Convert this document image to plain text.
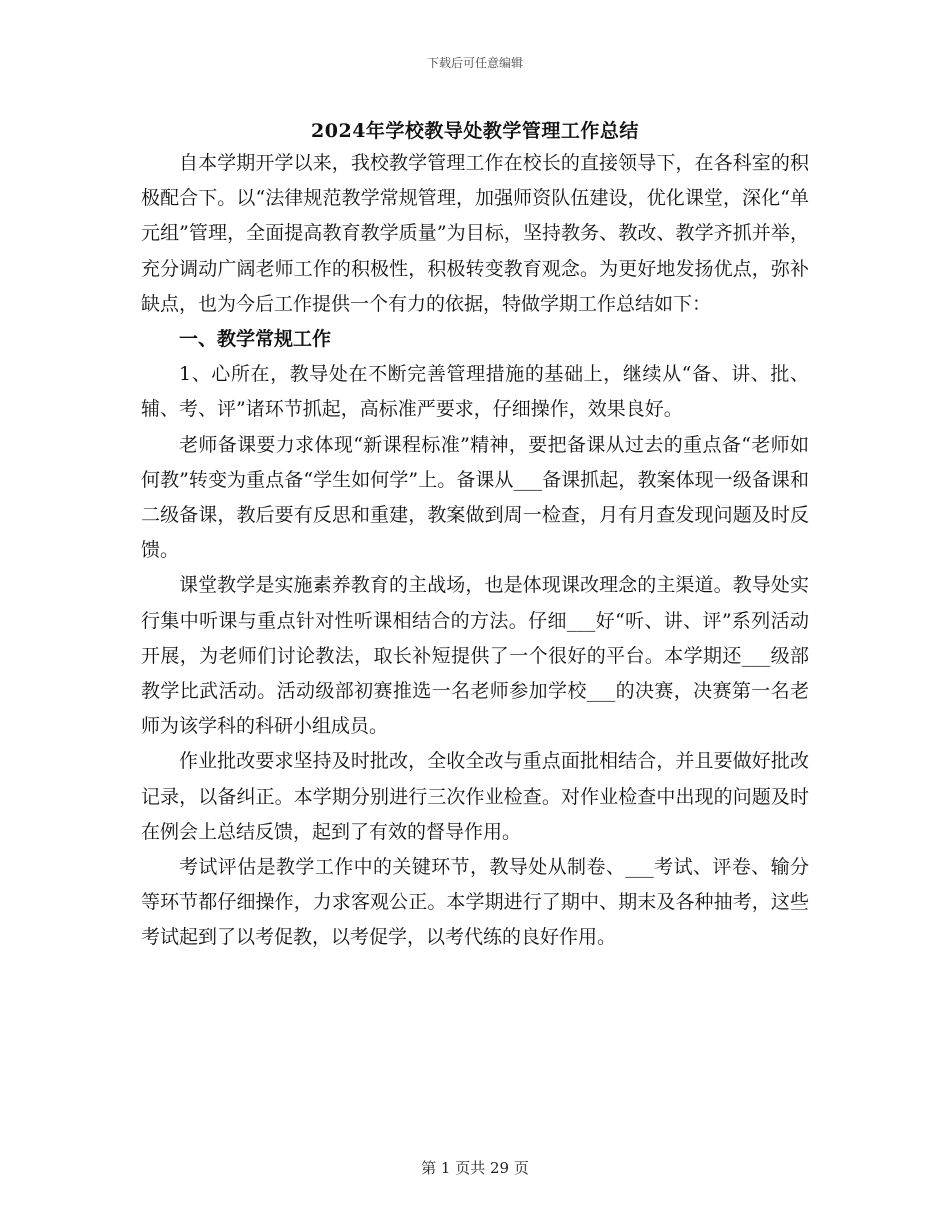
下载后可任意编辑
2024年学校教导处教学管理工作总结

自本学期开学以来，我校教学管理工作在校长的直接领导下，在各科室的积极配合下。以“法律规范教学常规管理，加强师资队伍建设，优化课堂，深化“单元组”管理，全面提高教育教学质量”为目标，坚持教务、教改、教学齐抓并举，充分调动广阔老师工作的积极性，积极转变教育观念。为更好地发扬优点，弥补缺点，也为今后工作提供一个有力的依据，特做学期工作总结如下：

一、教学常规工作

1、心所在，教导处在不断完善管理措施的基础上，继续从“备、讲、批、辅、考、评”诸环节抓起，高标准严要求，仔细操作，效果良好。

老师备课要力求体现“新课程标准”精神，要把备课从过去的重点备“老师如何教”转变为重点备“学生如何学”上。备课从___备课抓起，教案体现一级备课和二级备课，教后要有反思和重建，教案做到周一检查，月有月查发现问题及时反馈。

课堂教学是实施素养教育的主战场，也是体现课改理念的主渠道。教导处实行集中听课与重点针对性听课相结合的方法。仔细___好“听、讲、评”系列活动开展，为老师们讨论教法，取长补短提供了一个很好的平台。本学期还___级部教学比武活动。活动级部初赛推选一名老师参加学校___的决赛，决赛第一名老师为该学科的科研小组成员。

作业批改要求坚持及时批改，全收全改与重点面批相结合，并且要做好批改记录，以备纠正。本学期分别进行三次作业检查。对作业检查中出现的问题及时在例会上总结反馈，起到了有效的督导作用。

考试评估是教学工作中的关键环节，教导处从制卷、___考试、评卷、输分等环节都仔细操作，力求客观公正。本学期进行了期中、期末及各种抽考，这些考试起到了以考促教，以考促学，以考代练的良好作用。

第 1 页共 29 页
